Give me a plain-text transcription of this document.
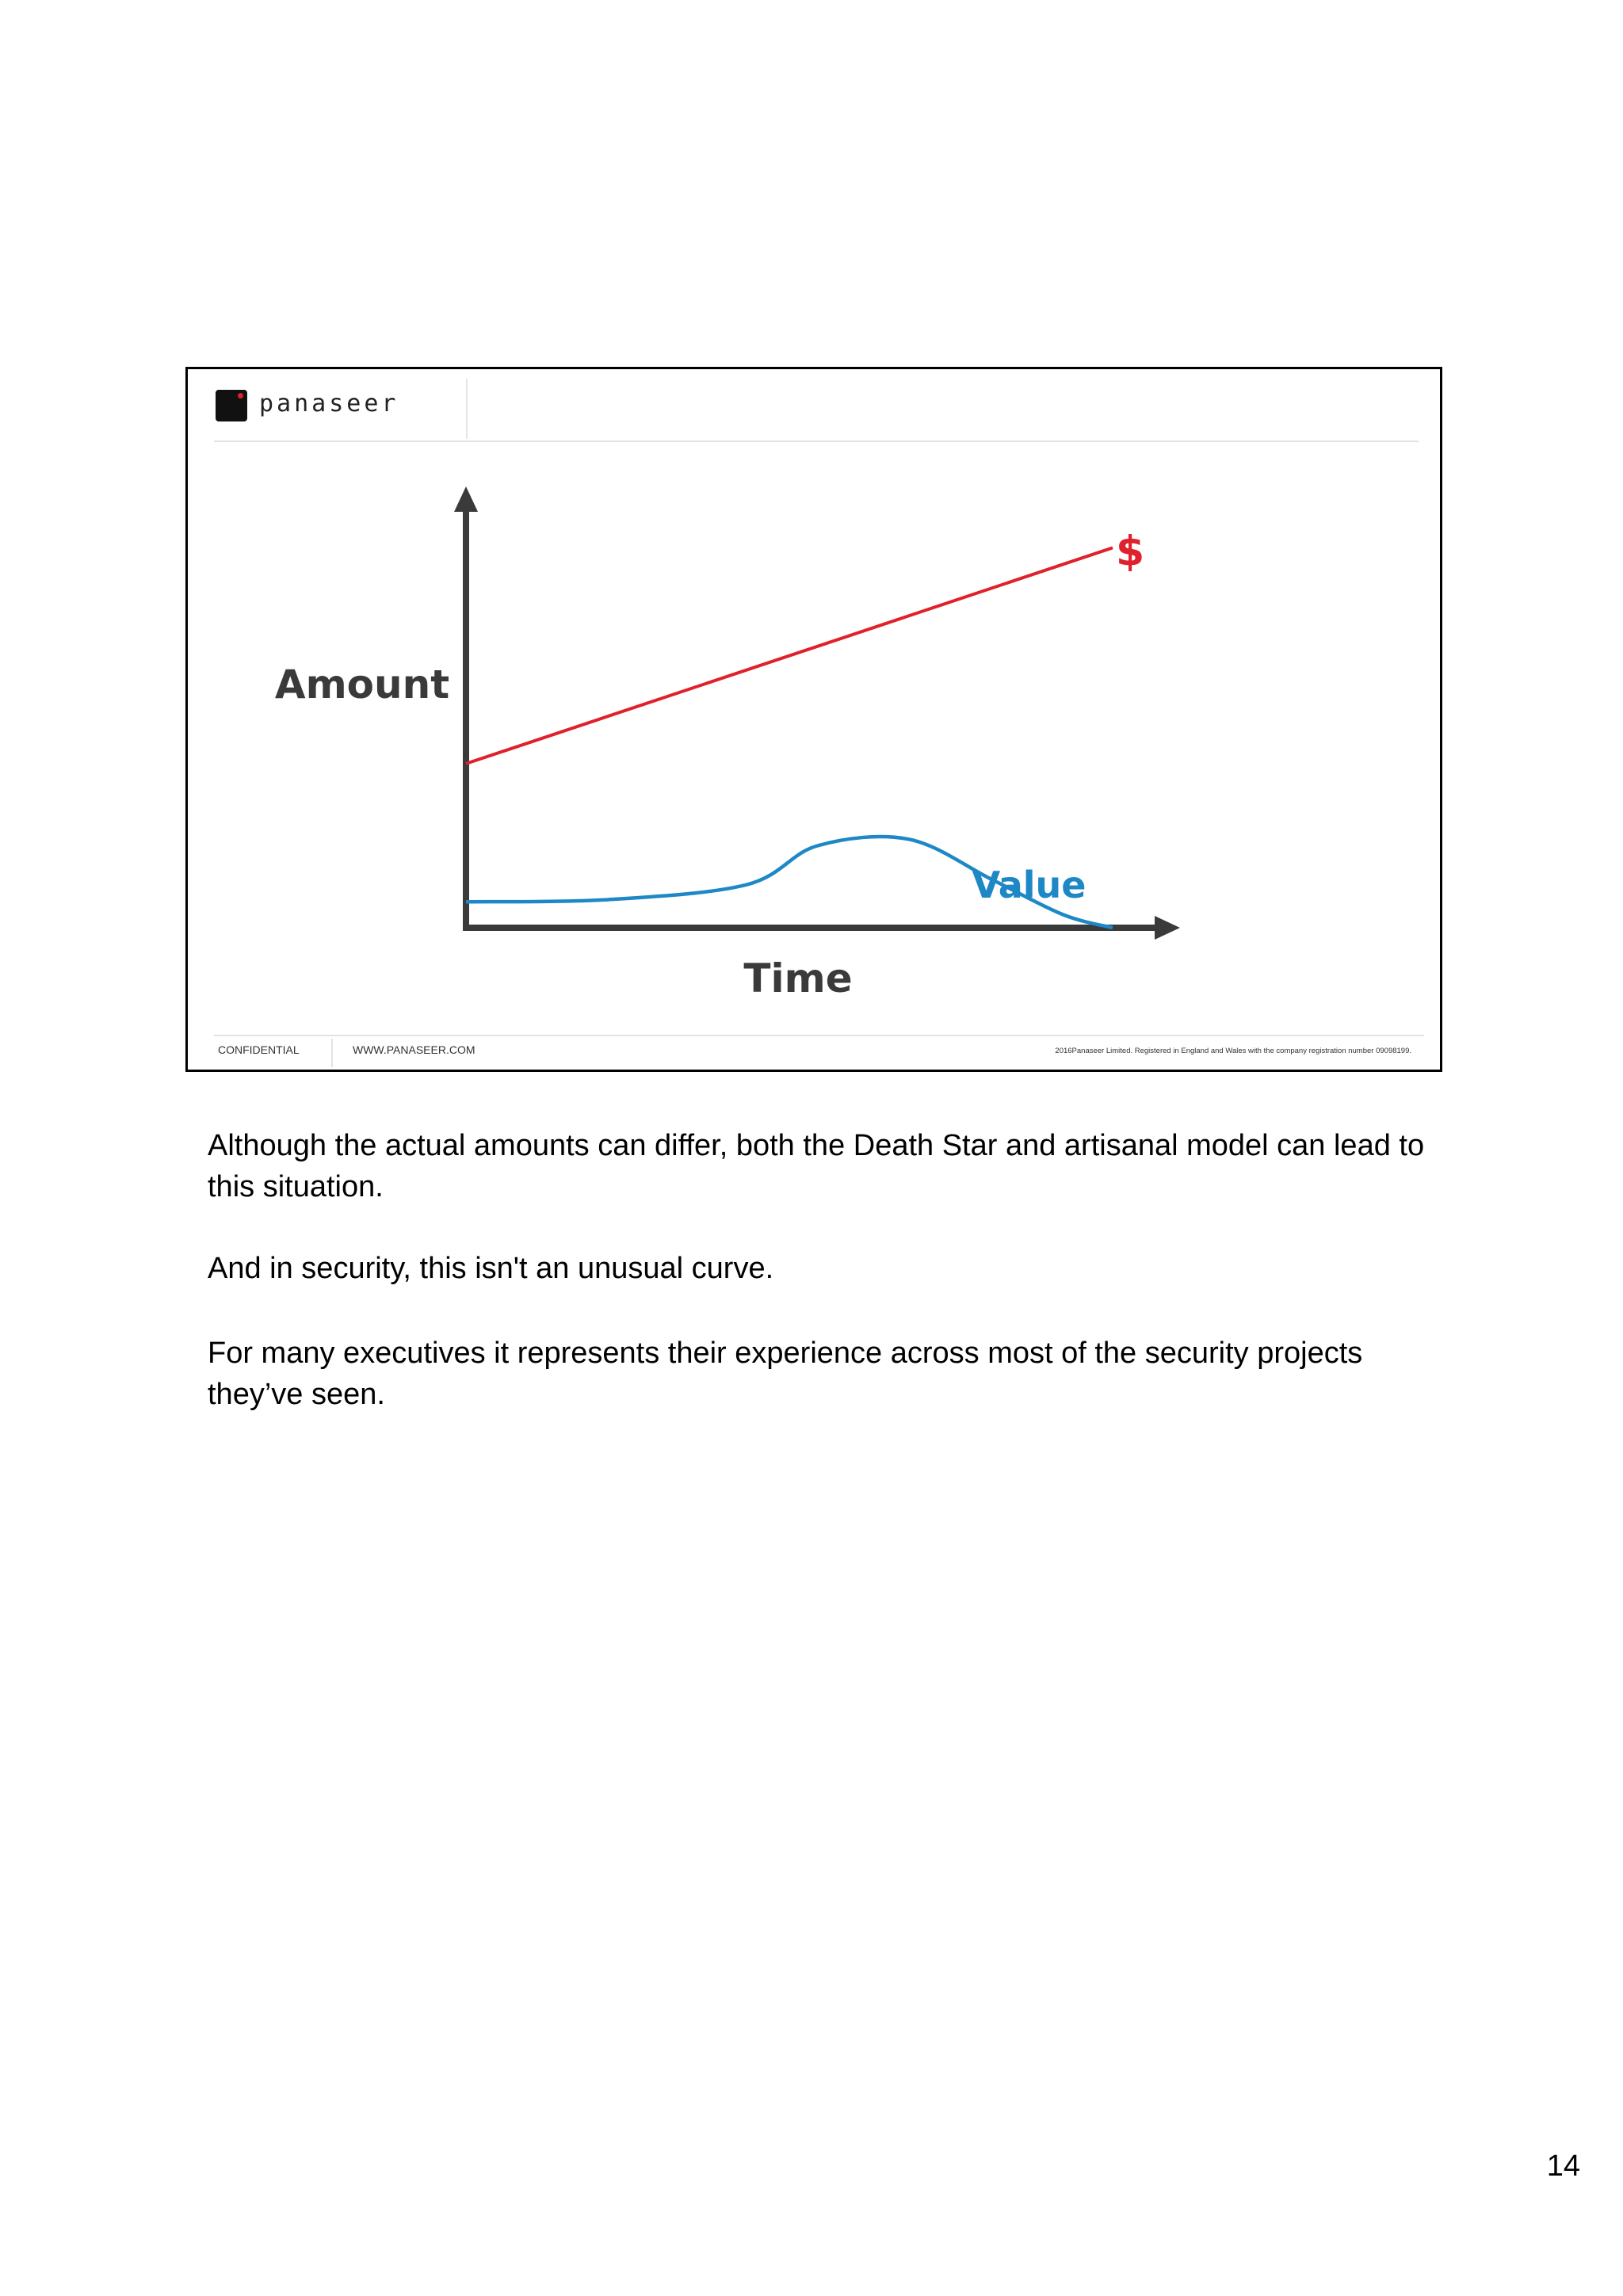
panaseer
$
Value
Amount
Time
CONFIDENTIAL	WWW.PANASEER.COM	2016Panaseer Limited. Registered in England and Wales with the company registration number 09098199.
Although the actual amounts can differ, both the Death Star and artisanal model can lead to this situation.
And in security, this isn't an unusual curve.
For many executives it represents their experience across most of the security projects they’ve seen.
14
